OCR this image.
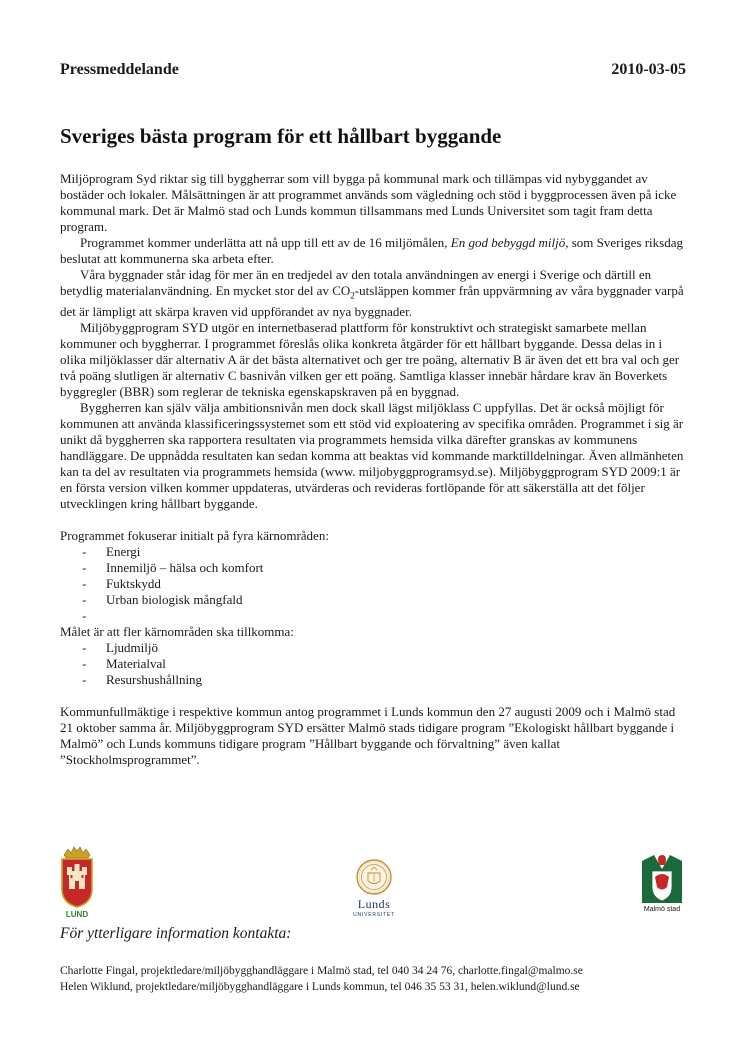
Pressmeddelande	2010-03-05
Sveriges bästa program för ett hållbart byggande

Miljöprogram Syd riktar sig till byggherrar som vill bygga på kommunal mark och tillämpas vid nybyggandet av bostäder och lokaler. Målsättningen är att programmet används som vägledning och stöd i byggprocessen även på icke kommunal mark. Det är Malmö stad och Lunds kommun tillsammans med Lunds Universitet som tagit fram detta program.

Programmet kommer underlätta att nå upp till ett av de 16 miljömålen, En god bebyggd miljö, som Sveriges riksdag beslutat att kommunerna ska arbeta efter.

Våra byggnader står idag för mer än en tredjedel av den totala användningen av energi i Sverige och därtill en betydlig materialanvändning. En mycket stor del av $CO_2$-utsläppen kommer från uppvärmning av våra byggnader varpå det är lämpligt att skärpa kraven vid uppförandet av nya byggnader.

Miljöbyggprogram SYD utgör en internetbaserad plattform för konstruktivt och strategiskt samarbete mellan kommuner och byggherrar. I programmet föreslås olika konkreta åtgärder för ett hållbart byggande. Dessa delas in i olika miljöklasser där alternativ A är det bästa alternativet och ger tre poäng, alternativ B är även det ett bra val och ger två poäng slutligen är alternativ C basnivån vilken ger ett poäng. Samtliga klasser innebär hårdare krav än Boverkets byggregler (BBR) som reglerar de tekniska egenskapskraven på en byggnad.

Byggherren kan själv välja ambitionsnivån men dock skall lägst miljöklass C uppfyllas. Det är också möjligt för kommunen att använda klassificeringssystemet som ett stöd vid exploatering av specifika områden. Programmet i sig är unikt då byggherren ska rapportera resultaten via programmets hemsida vilka därefter granskas av kommunens handläggare. De uppnådda resultaten kan sedan komma att beaktas vid kommande marktilldelningar. Även allmänheten kan ta del av resultaten via programmets hemsida (www. miljobyggprogramsyd.se). Miljöbyggprogram SYD 2009:1 är en första version vilken kommer uppdateras, utvärderas och revideras fortlöpande för att säkerställa att det följer utvecklingen kring hållbart byggande.

Programmet fokuserar initialt på fyra kärnområden:

-	Energi
-	Innemiljö – hälsa och komfort
-	Fuktskydd
-	Urban biologisk mångfald
-

Målet är att fler kärnområden ska tillkomma:

-	Ljudmiljö
-	Materialval
-	Resurshushållning

Kommunfullmäktige i respektive kommun antog programmet i Lunds kommun den 27 augusti 2009 och i Malmö stad 21 oktober samma år. Miljöbyggprogram SYD ersätter Malmö stads tidigare program ”Ekologiskt hållbart byggande i Malmö” och Lunds kommuns tidigare program ”Hållbart byggande och förvaltning” även kallat ”Stockholmsprogrammet”.

LUND
Lunds
UNIVERSITET
Malmö stad

För ytterligare information kontakta:

Charlotte Fingal, projektledare/miljöbygghandläggare i Malmö stad, tel 040 34 24 76, charlotte.fingal@malmo.se

Helen Wiklund, projektledare/miljöbygghandläggare i Lunds kommun, tel 046 35 53 31, helen.wiklund@lund.se
